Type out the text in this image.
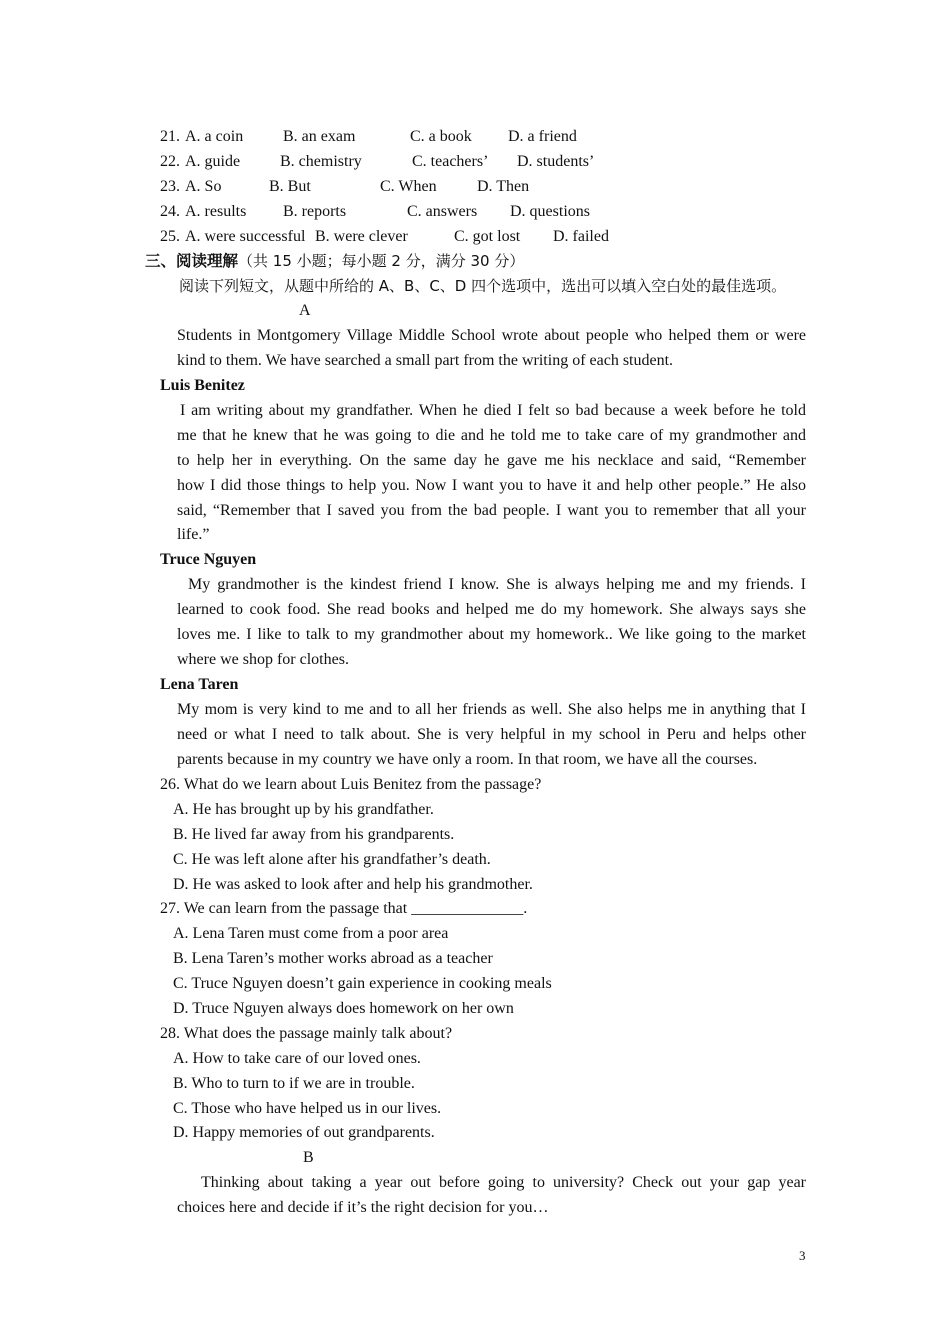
21. A. a coin B. an exam	C. a book D. a friend
22. A. guide B. chemistry	C. teachers’ D. students’
23. A. So	B. But	C. When	D. Then
24. A. results B. reports	C. answers D. questions
25. A. were successful B. were clever	C. got lost D. failed
三、阅读理解（共 15 小题；每小题 2 分，满分 30 分）
阅读下列短文，从题中所给的 A、B、C、D 四个选项中，选出可以填入空白处的最佳选项。
A
Students in Montgomery Village Middle School wrote about people who helped them or were
kind to them. We have searched a small part from the writing of each student.
Luis Benitez
I am writing about my grandfather. When he died I felt so bad because a week before he told
me that he knew that he was going to die and he told me to take care of my grandmother and
to help her in everything. On the same day he gave me his necklace and said, “Remember
how I did those things to help you. Now I want you to have it and help other people.” He also
said, “Remember that I saved you from the bad people. I want you to remember that all your
life.”
Truce Nguyen
My grandmother is the kindest friend I know. She is always helping me and my friends. I
learned to cook food. She read books and helped me do my homework. She always says she
loves me. I like to talk to my grandmother about my homework.. We like going to the market
where we shop for clothes.
Lena Taren
My mom is very kind to me and to all her friends as well. She also helps me in anything that I
need or what I need to talk about. She is very helpful in my school in Peru and helps other
parents because in my country we have only a room. In that room, we have all the courses.
26. What do we learn about Luis Benitez from the passage?
A. He has brought up by his grandfather.
B. He lived far away from his grandparents.
C. He was left alone after his grandfather’s death.
D. He was asked to look after and help his grandmother.
27. We can learn from the passage that ______________.
A. Lena Taren must come from a poor area
B. Lena Taren’s mother works abroad as a teacher
C. Truce Nguyen doesn’t gain experience in cooking meals
D. Truce Nguyen always does homework on her own
28. What does the passage mainly talk about?
A. How to take care of our loved ones.
B. Who to turn to if we are in trouble.
C. Those who have helped us in our lives.
D. Happy memories of out grandparents.
B
Thinking about taking a year out before going to university? Check out your gap year
choices here and decide if it’s the right decision for you…
3
